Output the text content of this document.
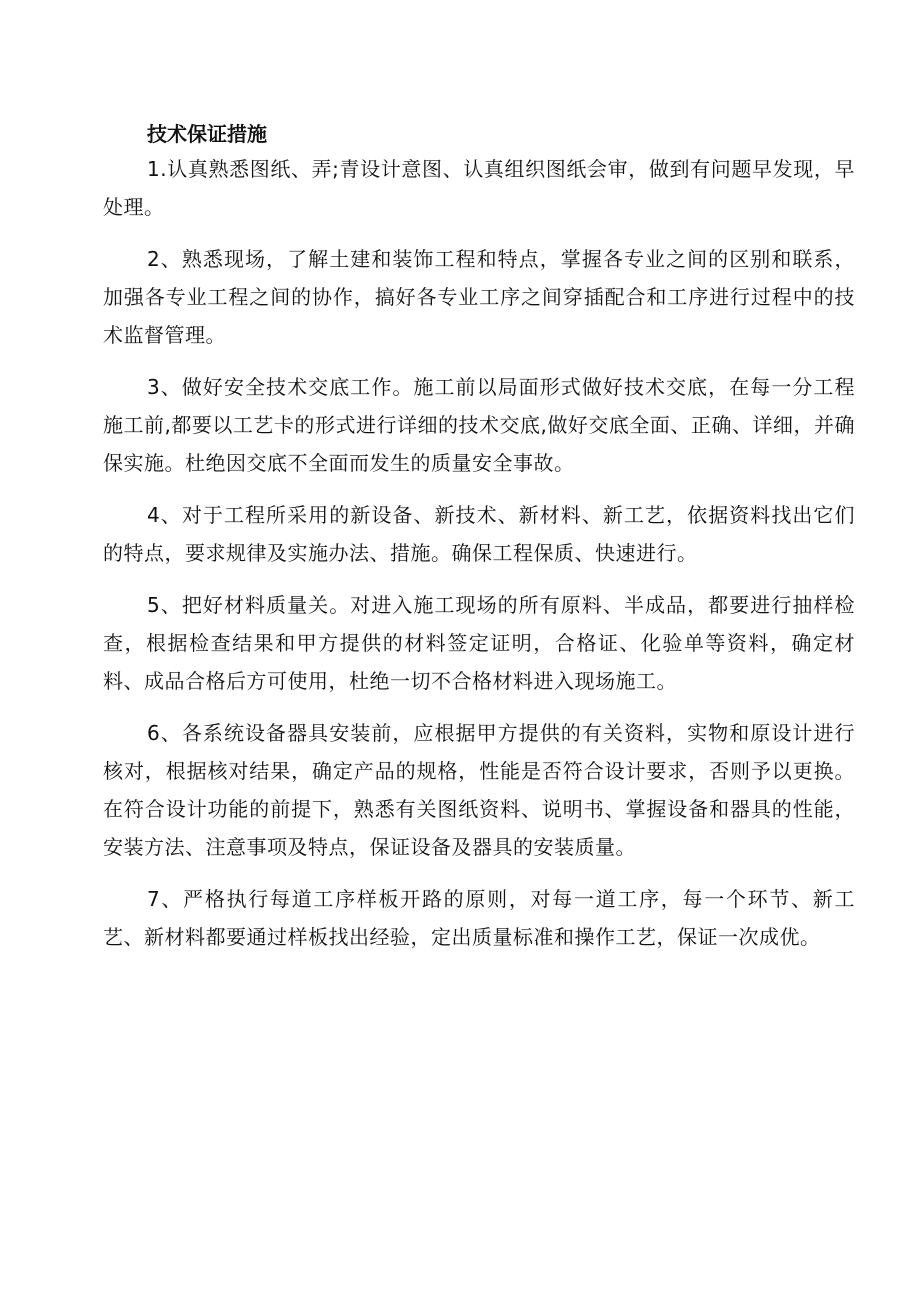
技术保证措施

1.认真熟悉图纸、弄;青设计意图、认真组织图纸会审，做到有问题早发现，早处理。

2、熟悉现场，了解土建和装饰工程和特点，掌握各专业之间的区别和联系，加强各专业工程之间的协作，搞好各专业工序之间穿插配合和工序进行过程中的技术监督管理。

3、做好安全技术交底工作。施工前以局面形式做好技术交底，在每一分工程施工前,都要以工艺卡的形式进行详细的技术交底,做好交底全面、正确、详细，并确保实施。杜绝因交底不全面而发生的质量安全事故。

4、对于工程所采用的新设备、新技术、新材料、新工艺，依据资料找出它们的特点，要求规律及实施办法、措施。确保工程保质、快速进行。

5、把好材料质量关。对进入施工现场的所有原料、半成品，都要进行抽样检查，根据检查结果和甲方提供的材料签定证明，合格证、化验单等资料，确定材料、成品合格后方可使用，杜绝一切不合格材料进入现场施工。

6、各系统设备器具安装前，应根据甲方提供的有关资料，实物和原设计进行核对，根据核对结果，确定产品的规格，性能是否符合设计要求，否则予以更换。在符合设计功能的前提下，熟悉有关图纸资料、说明书、掌握设备和器具的性能，安装方法、注意事项及特点，保证设备及器具的安装质量。

7、严格执行每道工序样板开路的原则，对每一道工序，每一个环节、新工艺、新材料都要通过样板找出经验，定出质量标准和操作工艺，保证一次成优。
